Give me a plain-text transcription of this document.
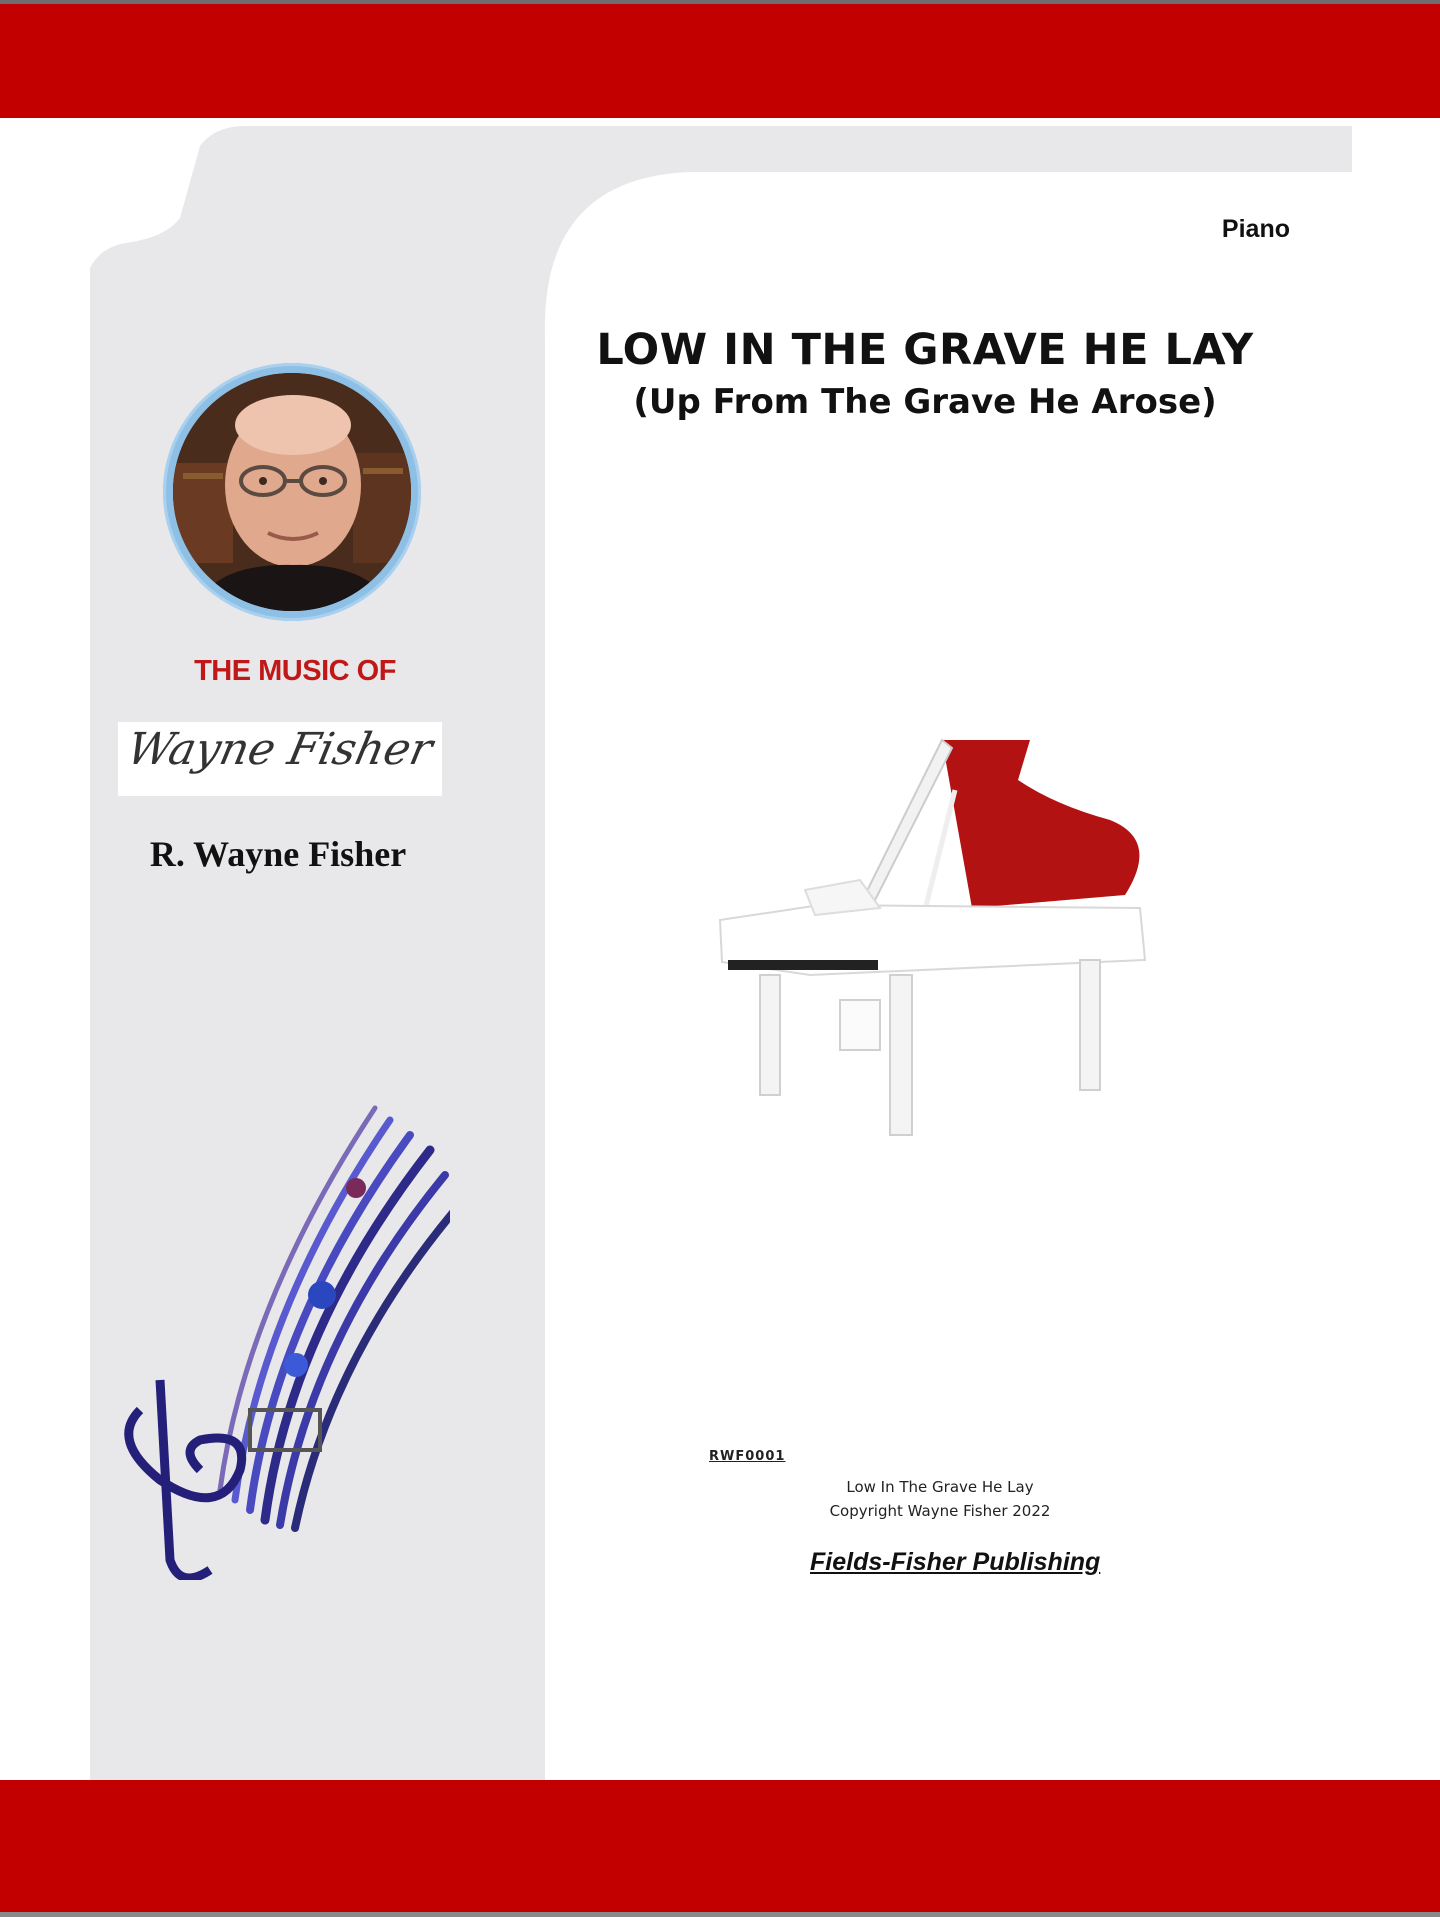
THE MUSIC OF
Wayne Fisher
R. Wayne Fisher
Piano
LOW IN THE GRAVE HE LAY
(Up From The Grave He Arose)
RWF0001
Low In The Grave He Lay
Copyright Wayne Fisher 2022
Fields-Fisher Publishing
